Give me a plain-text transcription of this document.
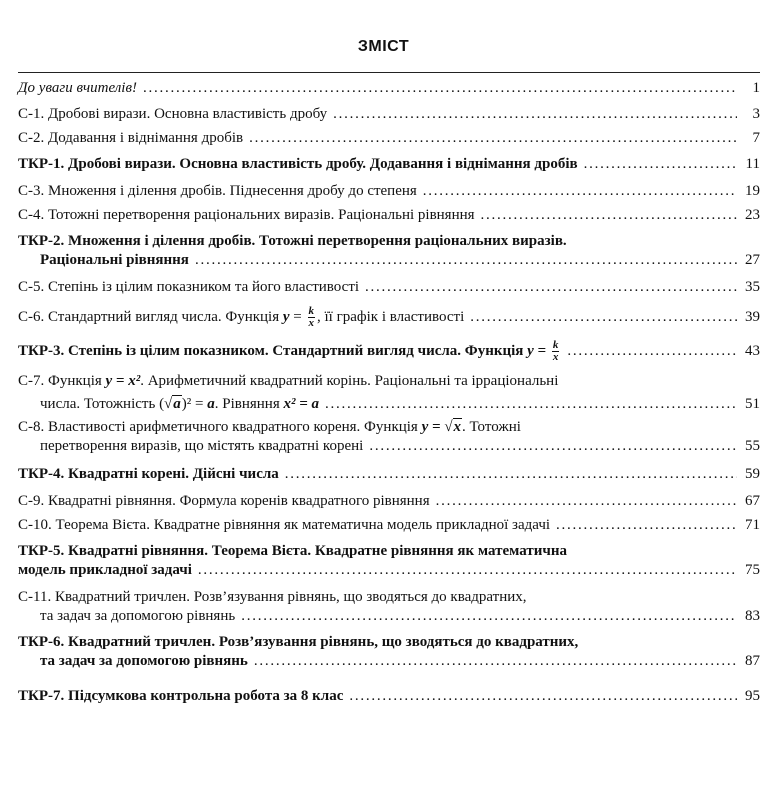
ЗМІСТ
До уваги вчителів! . . .	1
С-1. Дробові вирази. Основна властивість дробу . . .	3
С-2. Додавання і віднімання дробів . . .	7
ТКР-1. Дробові вирази. Основна властивість дробу. Додавання і віднімання дробів . . .	11
С-3. Множення і ділення дробів. Піднесення дробу до степеня . . .	19
С-4. Тотожні перетворення раціональних виразів. Раціональні рівняння . . .	23
ТКР-2. Множення і ділення дробів. Тотожні перетворення раціональних виразів.
Раціональні рівняння . . .	27
С-5. Степінь із цілим показником та його властивості . . .	35
С-6. Стандартний вигляд числа. Функція $y = \frac{k}{x}$ , її графік і властивості . . .	39
ТКР-3. Степінь із цілим показником. Стандартний вигляд числа. Функція $y = \frac{k}{x}$ . . .	43
С-7. Функція y = x². Арифметичний квадратний корінь. Раціональні та ірраціональні
числа. Тотожність (√a)² = a. Рівняння x² = a . . .	51
С-8. Властивості арифметичного квадратного кореня. Функція y = √x. Тотожні
перетворення виразів, що містять квадратні корені . . .	55
ТКР-4. Квадратні корені. Дійсні числа . . .	59
С-9. Квадратні рівняння. Формула коренів квадратного рівняння . . .	67
С-10. Теорема Вієта. Квадратне рівняння як математична модель прикладної задачі . . .	71
ТКР-5. Квадратні рівняння. Теорема Вієта. Квадратне рівняння як математична
модель прикладної задачі . . .	75
С-11. Квадратний тричлен. Розв’язування рівнянь, що зводяться до квадратних,
та задач за допомогою рівнянь . . .	83
ТКР-6. Квадратний тричлен. Розв’язування рівнянь, що зводяться до квадратних,
та задач за допомогою рівнянь . . .	87
ТКР-7. Підсумкова контрольна робота за 8 клас . . .	95
